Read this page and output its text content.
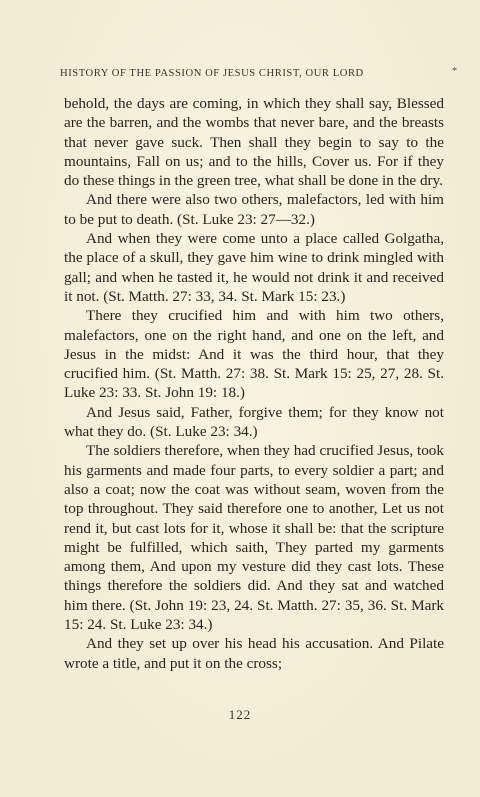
HISTORY OF THE PASSION OF JESUS CHRIST, OUR LORD	*

behold, the days are coming, in which they shall say, Blessed are the barren, and the wombs that never bare, and the breasts that never gave suck. Then shall they begin to say to the mountains, Fall on us; and to the hills, Cover us. For if they do these things in the green tree, what shall be done in the dry.

And there were also two others, malefactors, led with him to be put to death. (St. Luke 23: 27—32.)

And when they were come unto a place called Golgatha, the place of a skull, they gave him wine to drink mingled with gall; and when he tasted it, he would not drink it and received it not. (St. Matth. 27: 33, 34. St. Mark 15: 23.)

There they crucified him and with him two others, malefactors, one on the right hand, and one on the left, and Jesus in the midst: And it was the third hour, that they crucified him. (St. Matth. 27: 38. St. Mark 15: 25, 27, 28. St. Luke 23: 33. St. John 19: 18.)

And Jesus said, Father, forgive them; for they know not what they do. (St. Luke 23: 34.)

The soldiers therefore, when they had crucified Jesus, took his garments and made four parts, to every soldier a part; and also a coat; now the coat was without seam, woven from the top throughout. They said therefore one to another, Let us not rend it, but cast lots for it, whose it shall be: that the scripture might be fulfilled, which saith, They parted my garments among them, And upon my vesture did they cast lots. These things therefore the soldiers did. And they sat and watched him there. (St. John 19: 23, 24. St. Matth. 27: 35, 36. St. Mark 15: 24. St. Luke 23: 34.)

And they set up over his head his accusation. And Pilate wrote a title, and put it on the cross;

122
